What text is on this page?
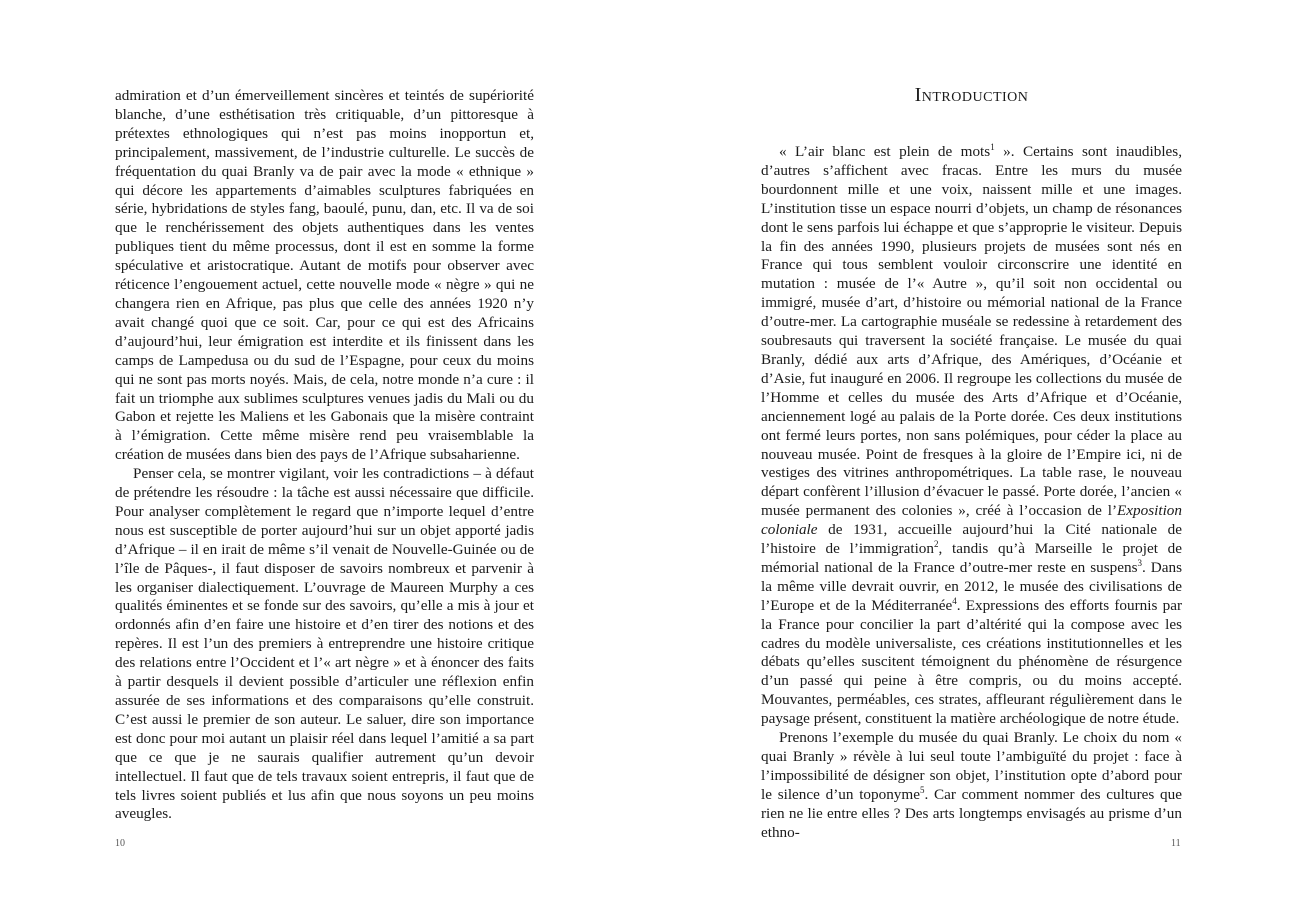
admiration et d’un émerveillement sincères et teintés de supériorité blanche, d’une esthétisation très critiquable, d’un pittoresque à prétextes ethnologiques qui n’est pas moins inopportun et, principalement, massivement, de l’industrie culturelle. Le succès de fréquentation du quai Branly va de pair avec la mode « ethnique » qui décore les appartements d’aimables sculptures fabriquées en série, hybridations de styles fang, baoulé, punu, dan, etc. Il va de soi que le renchérissement des objets authentiques dans les ventes publiques tient du même processus, dont il est en somme la forme spéculative et aristocratique. Autant de motifs pour observer avec réticence l’engouement actuel, cette nouvelle mode « nègre » qui ne changera rien en Afrique, pas plus que celle des années 1920 n’y avait changé quoi que ce soit. Car, pour ce qui est des Africains d’aujourd’hui, leur émigration est interdite et ils finissent dans les camps de Lampedusa ou du sud de l’Espagne, pour ceux du moins qui ne sont pas morts noyés. Mais, de cela, notre monde n’a cure : il fait un triomphe aux sublimes sculptures venues jadis du Mali ou du Gabon et rejette les Maliens et les Gabonais que la misère contraint à l’émigration. Cette même misère rend peu vraisemblable la création de musées dans bien des pays de l’Afrique subsaharienne.

Penser cela, se montrer vigilant, voir les contradictions – à défaut de prétendre les résoudre : la tâche est aussi nécessaire que difficile. Pour analyser complètement le regard que n’importe lequel d’entre nous est susceptible de porter aujourd’hui sur un objet apporté jadis d’Afrique – il en irait de même s’il venait de Nouvelle-Guinée ou de l’île de Pâques-, il faut disposer de savoirs nombreux et parvenir à les organiser dialectiquement. L’ouvrage de Maureen Murphy a ces qualités éminentes et se fonde sur des savoirs, qu’elle a mis à jour et ordonnés afin d’en faire une histoire et d’en tirer des notions et des repères. Il est l’un des premiers à entreprendre une histoire critique des relations entre l’Occident et l’« art nègre » et à énoncer des faits à partir desquels il devient possible d’articuler une réflexion enfin assurée de ses informations et des comparaisons qu’elle construit. C’est aussi le premier de son auteur. Le saluer, dire son importance est donc pour moi autant un plaisir réel dans lequel l’amitié a sa part que ce que je ne saurais qualifier autrement qu’un devoir intellectuel. Il faut que de tels travaux soient entrepris, il faut que de tels livres soient publiés et lus afin que nous soyons un peu moins aveugles.

10
Introduction

« L’air blanc est plein de mots$^1$ ». Certains sont inaudibles, d’autres s’affichent avec fracas. Entre les murs du musée bourdonnent mille et une voix, naissent mille et une images. L’institution tisse un espace nourri d’objets, un champ de résonances dont le sens parfois lui échappe et que s’approprie le visiteur. Depuis la fin des années 1990, plusieurs projets de musées sont nés en France qui tous semblent vouloir circonscrire une identité en mutation : musée de l’« Autre », qu’il soit non occidental ou immigré, musée d’art, d’histoire ou mémorial national de la France d’outre-mer. La cartographie muséale se redessine à retardement des soubresauts qui traversent la société française. Le musée du quai Branly, dédié aux arts d’Afrique, des Amériques, d’Océanie et d’Asie, fut inauguré en 2006. Il regroupe les collections du musée de l’Homme et celles du musée des Arts d’Afrique et d’Océanie, anciennement logé au palais de la Porte dorée. Ces deux institutions ont fermé leurs portes, non sans polémiques, pour céder la place au nouveau musée. Point de fresques à la gloire de l’Empire ici, ni de vestiges des vitrines anthropométriques. La table rase, le nouveau départ confèrent l’illusion d’évacuer le passé. Porte dorée, l’ancien « musée permanent des colonies », créé à l’occasion de l’Exposition coloniale de 1931, accueille aujourd’hui la Cité nationale de l’histoire de l’immigration$^2$, tandis qu’à Marseille le projet de mémorial national de la France d’outre-mer reste en suspens$^3$. Dans la même ville devrait ouvrir, en 2012, le musée des civilisations de l’Europe et de la Méditerranée$^4$. Expressions des efforts fournis par la France pour concilier la part d’altérité qui la compose avec les cadres du modèle universaliste, ces créations institutionnelles et les débats qu’elles suscitent témoignent du phénomène de résurgence d’un passé qui peine à être compris, ou du moins accepté. Mouvantes, perméables, ces strates, affleurant régulièrement dans le paysage présent, constituent la matière archéologique de notre étude.

Prenons l’exemple du musée du quai Branly. Le choix du nom « quai Branly » révèle à lui seul toute l’ambiguïté du projet : face à l’impossibilité de désigner son objet, l’institution opte d’abord pour le silence d’un toponyme$^5$. Car comment nommer des cultures que rien ne lie entre elles ? Des arts longtemps envisagés au prisme d’un ethno-

11
